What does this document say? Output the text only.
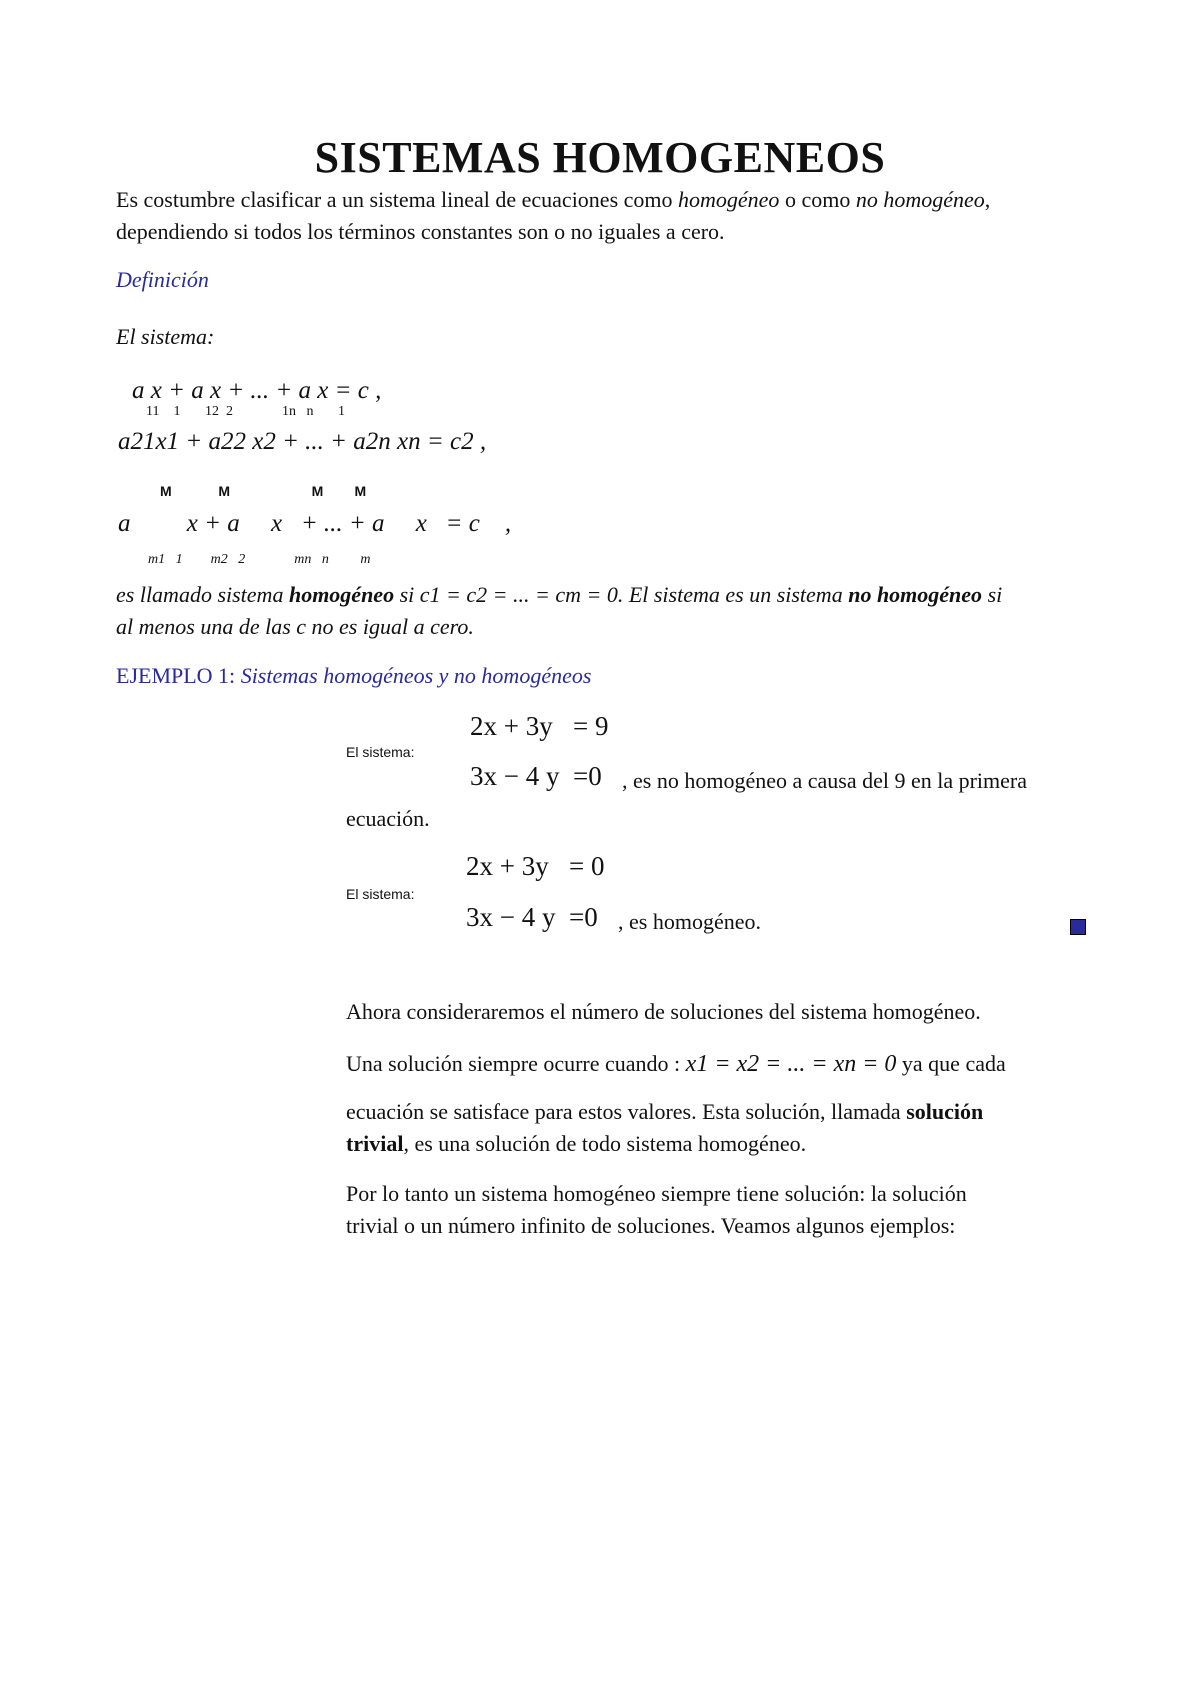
SISTEMAS HOMOGENEOS
Es costumbre clasificar a un sistema lineal de ecuaciones como homogéneo o como no homogéneo,
dependiendo si todos los términos constantes son o no iguales a cero.
Definición
El sistema:
a x + a x + ... + a x = c ,
11    1       12  2              1n   n       1
a21x1 + a22 x2 + ... + a2n xn = c2 ,
M            M                     M        M
a         x + a     x   + ... + a     x   = c    ,
m1   1        m2   2              mn   n         m
es llamado sistema homogéneo si c1 = c2 = ... = cm = 0. El sistema es un sistema no homogéneo si
al menos una de las c no es igual a cero.
EJEMPLO 1: Sistemas homogéneos y no homogéneos
2x + 3y   = 9
El sistema:
3x − 4 y  =0 , es no homogéneo a causa del 9 en la primera
ecuación.
2x + 3y   = 0
El sistema:
3x − 4 y  =0 , es homogéneo.
Ahora consideraremos el número de soluciones del sistema homogéneo.
Una solución siempre ocurre cuando : x1 = x2 = ... = xn = 0 ya que cada
ecuación se satisface para estos valores. Esta solución, llamada solución
trivial, es una solución de todo sistema homogéneo.
Por lo tanto un sistema homogéneo siempre tiene solución: la solución
trivial o un número infinito de soluciones. Veamos algunos ejemplos:
